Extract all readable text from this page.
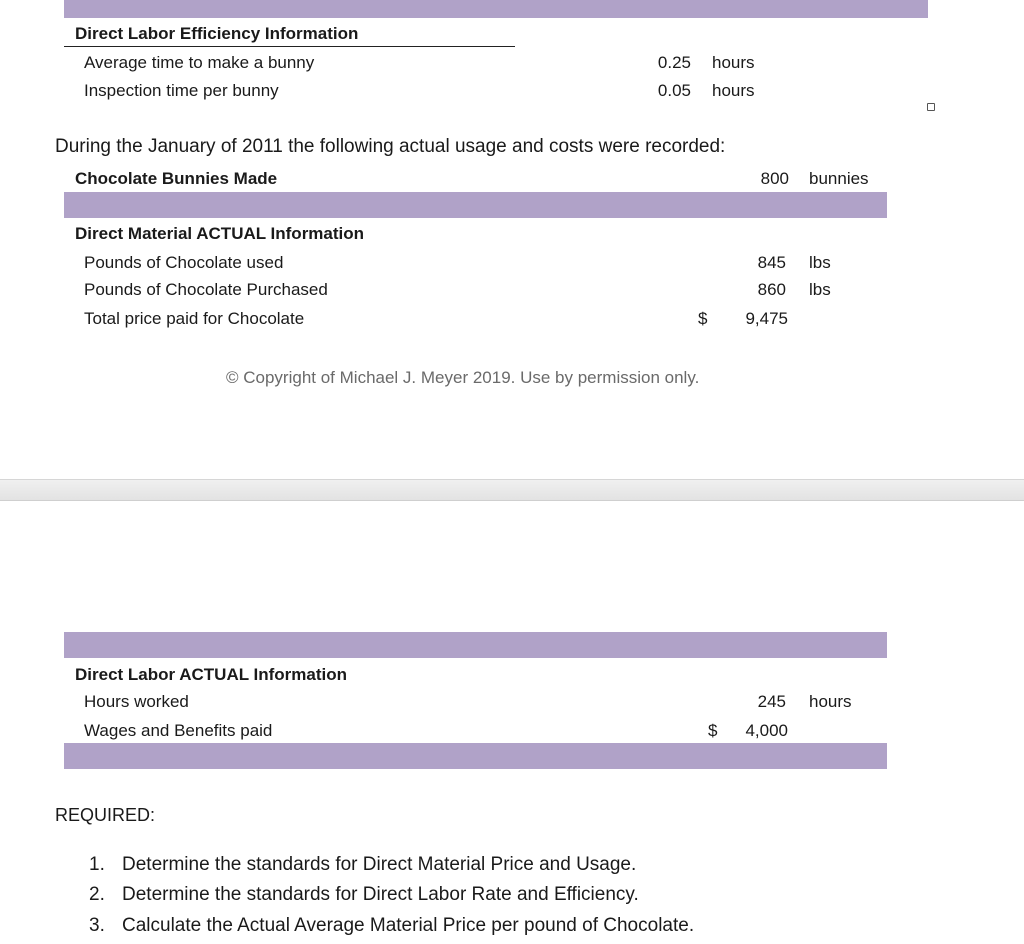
Direct Labor Efficiency Information
Average time to make a bunny	0.25 hours
Inspection time per bunny	0.05 hours
During the January of 2011 the following actual usage and costs were recorded:
Chocolate Bunnies Made	800 bunnies
Direct Material ACTUAL Information
Pounds of Chocolate used	845 lbs
Pounds of Chocolate Purchased	860 lbs
Total price paid for Chocolate	$	9,475
© Copyright of Michael J. Meyer 2019. Use by permission only.
Direct Labor ACTUAL Information
Hours worked	245 hours
Wages and Benefits paid	$	4,000
REQUIRED:
1. Determine the standards for Direct Material Price and Usage.
2. Determine the standards for Direct Labor Rate and Efficiency.
3. Calculate the Actual Average Material Price per pound of Chocolate.
